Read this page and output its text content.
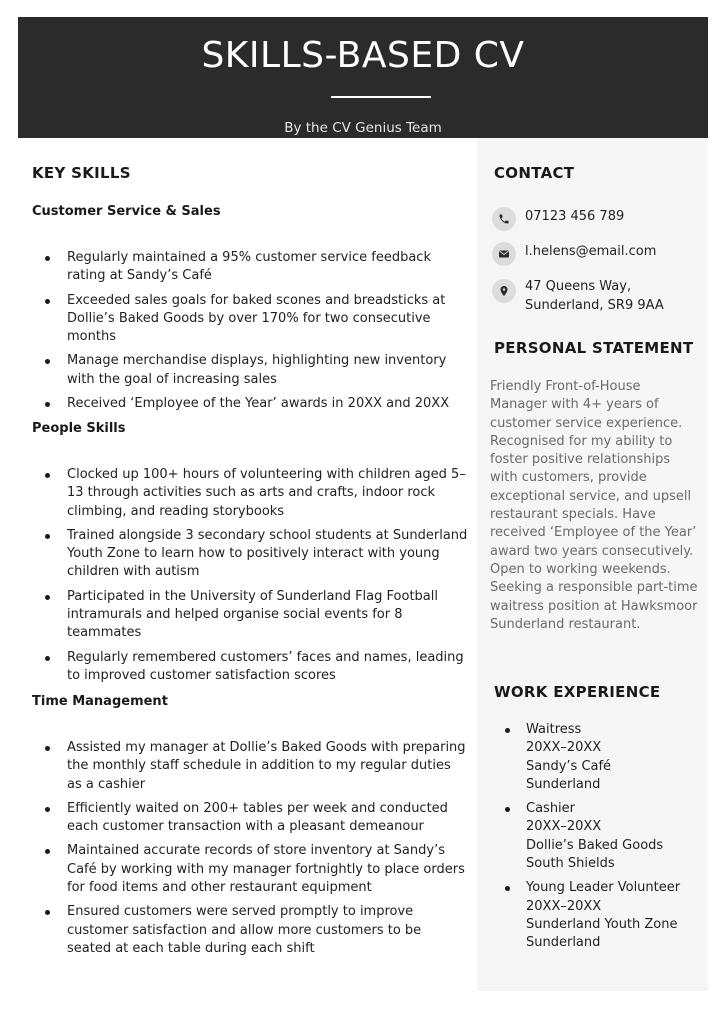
SKILLS-BASED CV
By the CV Genius Team
KEY SKILLS
Customer Service & Sales
Regularly maintained a 95% customer service feedback rating at Sandy’s Café
Exceeded sales goals for baked scones and breadsticks at Dollie’s Baked Goods by over 170% for two consecutive months
Manage merchandise displays, highlighting new inventory with the goal of increasing sales
Received ‘Employee of the Year’ awards in 20XX and 20XX
People Skills
Clocked up 100+ hours of volunteering with children aged 5–13 through activities such as arts and crafts, indoor rock climbing, and reading storybooks
Trained alongside 3 secondary school students at Sunderland Youth Zone to learn how to positively interact with young children with autism
Participated in the University of Sunderland Flag Football intramurals and helped organise social events for 8 teammates
Regularly remembered customers’ faces and names, leading to improved customer satisfaction scores
Time Management
Assisted my manager at Dollie’s Baked Goods with preparing the monthly staff schedule in addition to my regular duties as a cashier
Efficiently waited on 200+ tables per week and conducted each customer transaction with a pleasant demeanour
Maintained accurate records of store inventory at Sandy’s Café by working with my manager fortnightly to place orders for food items and other restaurant equipment
Ensured customers were served promptly to improve customer satisfaction and allow more customers to be seated at each table during each shift
CONTACT
07123 456 789
l.helens@email.com
47 Queens Way,
Sunderland, SR9 9AA
PERSONAL STATEMENT
Friendly Front-of-House Manager with 4+ years of customer service experience. Recognised for my ability to foster positive relationships with customers, provide exceptional service, and upsell restaurant specials. Have received ‘Employee of the Year’ award two years consecutively. Open to working weekends. Seeking a responsible part-time waitress position at Hawksmoor Sunderland restaurant.
WORK EXPERIENCE
Waitress
20XX–20XX
Sandy’s Café
Sunderland
Cashier
20XX–20XX
Dollie’s Baked Goods
South Shields
Young Leader Volunteer
20XX–20XX
Sunderland Youth Zone
Sunderland
